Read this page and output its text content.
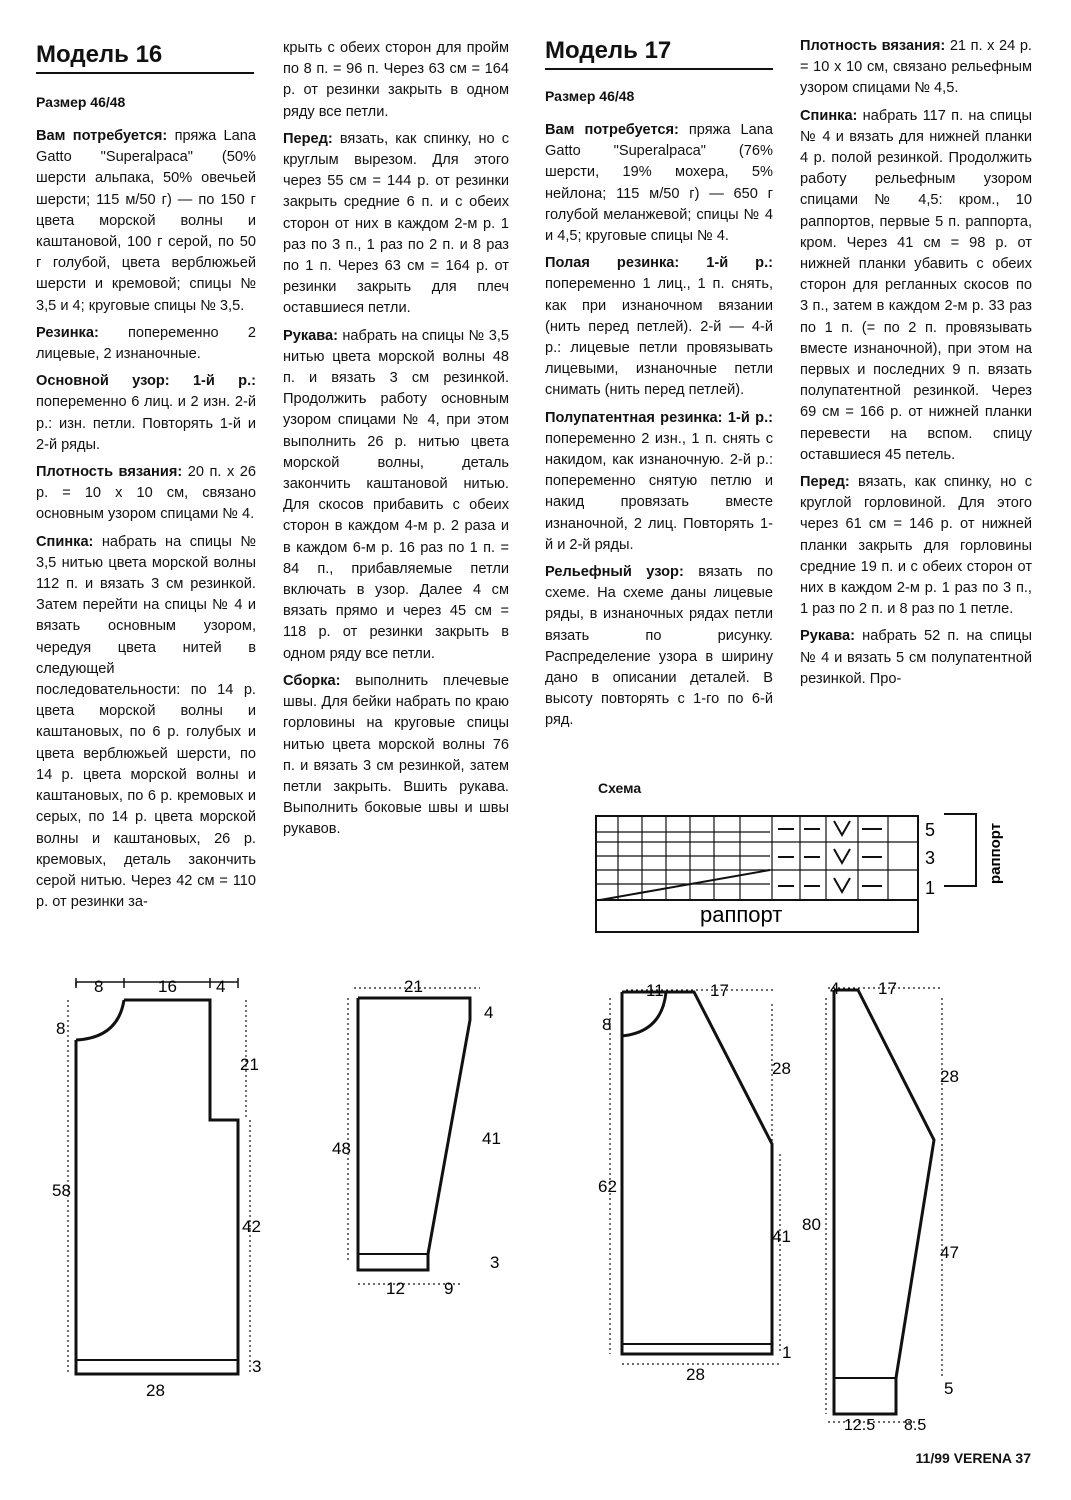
Модель 16
Размер 46/48

Вам потребуется: пряжа Lana Gatto "Superalpaca" (50% шерсти альпака, 50% овечьей шерсти; 115 м/50 г) — по 150 г цвета морской волны и каштановой, 100 г серой, по 50 г голубой, цвета верблюжьей шерсти и кремовой; спицы № 3,5 и 4; круговые спицы № 3,5.

Резинка: попеременно 2 лицевые, 2 изнаночные.

Основной узор: 1-й р.: попеременно 6 лиц. и 2 изн. 2-й р.: изн. петли. Повторять 1-й и 2-й ряды.

Плотность вязания: 20 п. х 26 р. = 10 х 10 см, связано основным узором спицами № 4.

Спинка: набрать на спицы № 3,5 нитью цвета морской волны 112 п. и вязать 3 см резинкой. Затем перейти на спицы № 4 и вязать основным узором, чередуя цвета нитей в следующей последовательности: по 14 р. цвета морской волны и каштановых, по 6 р. голубых и цвета верблюжьей шерсти, по 14 р. цвета морской волны и каштановых, по 6 р. кремовых и серых, по 14 р. цвета морской волны и каштановых, 26 р. кремовых, деталь закончить серой нитью. Через 42 см = 110 р. от резинки за-

крыть с обеих сторон для пройм по 8 п. = 96 п. Через 63 см = 164 р. от резинки закрыть в одном ряду все петли.

Перед: вязать, как спинку, но с круглым вырезом. Для этого через 55 см = 144 р. от резинки закрыть средние 6 п. и с обеих сторон от них в каждом 2-м р. 1 раз по 3 п., 1 раз по 2 п. и 8 раз по 1 п. Через 63 см = 164 р. от резинки закрыть для плеч оставшиеся петли.

Рукава: набрать на спицы № 3,5 нитью цвета морской волны 48 п. и вязать 3 см резинкой. Продолжить работу основным узором спицами № 4, при этом выполнить 26 р. нитью цвета морской волны, деталь закончить каштановой нитью. Для скосов прибавить с обеих сторон в каждом 4-м р. 2 раза и в каждом 6-м р. 16 раз по 1 п. = 84 п., прибавляемые петли включать в узор. Далее 4 см вязать прямо и через 45 см = 118 р. от резинки закрыть в одном ряду все петли.

Сборка: выполнить плечевые швы. Для бейки набрать по краю горловины на круговые спицы нитью цвета морской волны 76 п. и вязать 3 см резинкой, затем петли закрыть. Вшить рукава. Выполнить боковые швы и швы рукавов.

Модель 17
Размер 46/48

Вам потребуется: пряжа Lana Gatto "Superalpaca" (76% шерсти, 19% мохера, 5% нейлона; 115 м/50 г) — 650 г голубой меланжевой; спицы № 4 и 4,5; круговые спицы № 4.

Полая резинка: 1-й р.: попеременно 1 лиц., 1 п. снять, как при изнаночном вязании (нить перед петлей). 2-й — 4-й р.: лицевые петли провязывать лицевыми, изнаночные петли снимать (нить перед петлей).

Полупатентная резинка: 1-й р.: попеременно 2 изн., 1 п. снять с накидом, как изнаночную. 2-й р.: попеременно снятую петлю и накид провязать вместе изнаночной, 2 лиц. Повторять 1-й и 2-й ряды.

Рельефный узор: вязать по схеме. На схеме даны лицевые ряды, в изнаночных рядах петли вязать по рисунку. Распределение узора в ширину дано в описании деталей. В высоту повторять с 1-го по 6-й ряд.

Плотность вязания: 21 п. х 24 р. = 10 х 10 см, связано рельефным узором спицами № 4,5.

Спинка: набрать 117 п. на спицы № 4 и вязать для нижней планки 4 р. полой резинкой. Продолжить работу рельефным узором спицами № 4,5: кром., 10 раппортов, первые 5 п. раппорта, кром. Через 41 см = 98 р. от нижней планки убавить с обеих сторон для регланных скосов по 3 п., затем в каждом 2-м р. 33 раз по 1 п. (= по 2 п. провязывать вместе изнаночной), при этом на первых и последних 9 п. вязать полупатентной резинкой. Через 69 см = 166 р. от нижней планки перевести на вспом. спицу оставшиеся 45 петель.

Перед: вязать, как спинку, но с круглой горловиной. Для этого через 61 см = 146 р. от нижней планки закрыть для горловины средние 19 п. и с обеих сторон от них в каждом 2-м р. 1 раз по 3 п., 1 раз по 2 п. и 8 раз по 1 петле.

Рукава: набрать 52 п. на спицы № 4 и вязать 5 см полупатентной резинкой. Про-

Схема
5
3
1
раппорт
раппорт
8	16 4
8
21
58
42
28
3
21
4
48
41
12 9
3
11	17
8
28
62
41
28
1
4 17
28
80
47
12.5 8.5
5
11/99 VERENA 37
